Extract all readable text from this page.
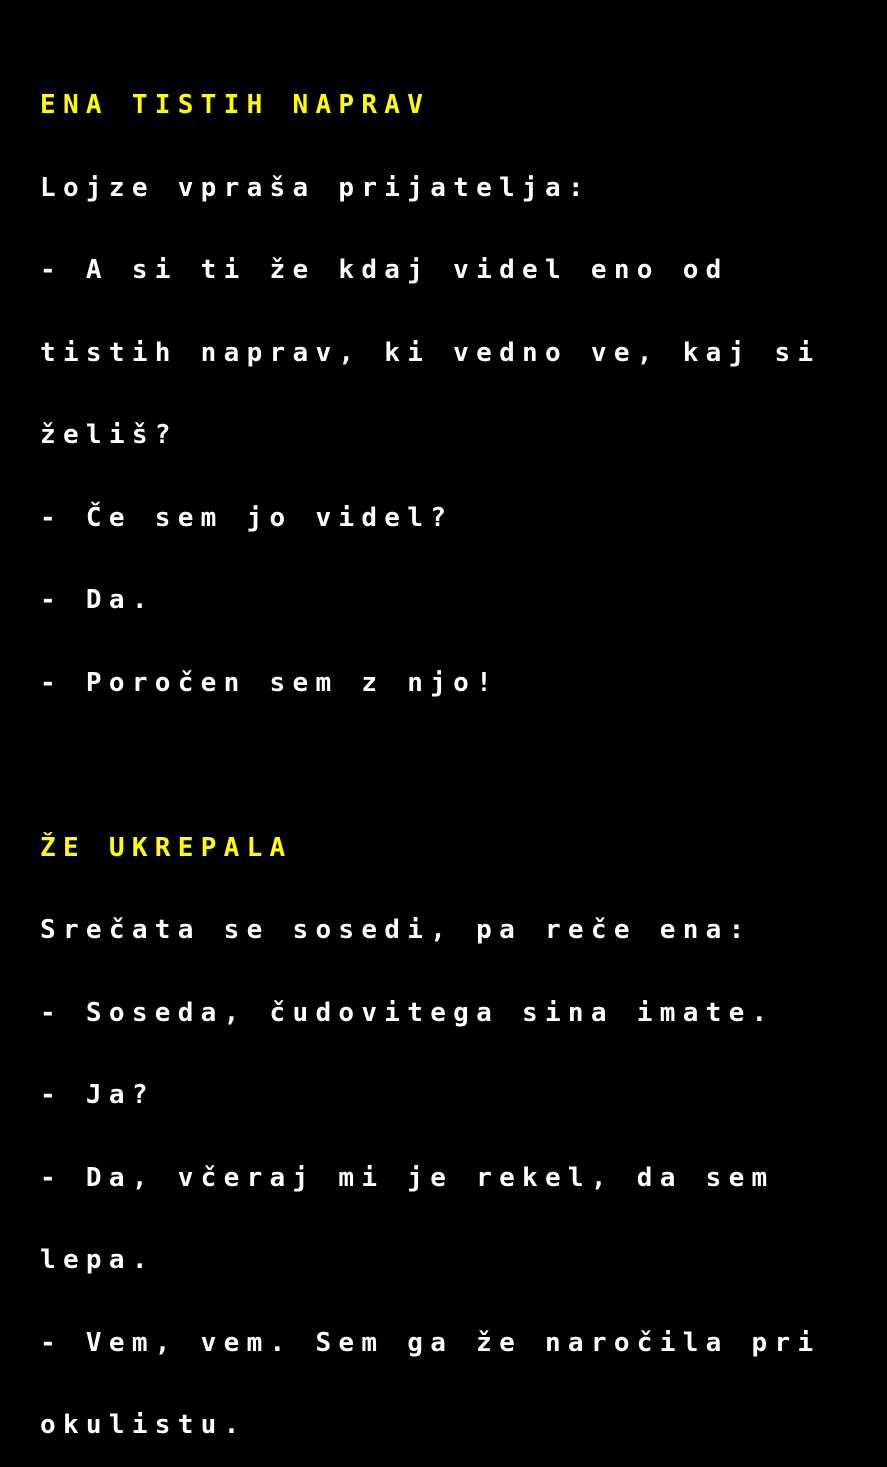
ENA TISTIH NAPRAV

Lojze vpraša prijatelja:

- A si ti že kdaj videl eno od

tistih naprav, ki vedno ve, kaj si

želiš?

- Če sem jo videl?

- Da.

- Poročen sem z njo!

ŽE UKREPALA

Srečata se sosedi, pa reče ena:

- Soseda, čudovitega sina imate.

- Ja?

- Da, včeraj mi je rekel, da sem

lepa.

- Vem, vem. Sem ga že naročila pri

okulistu.
